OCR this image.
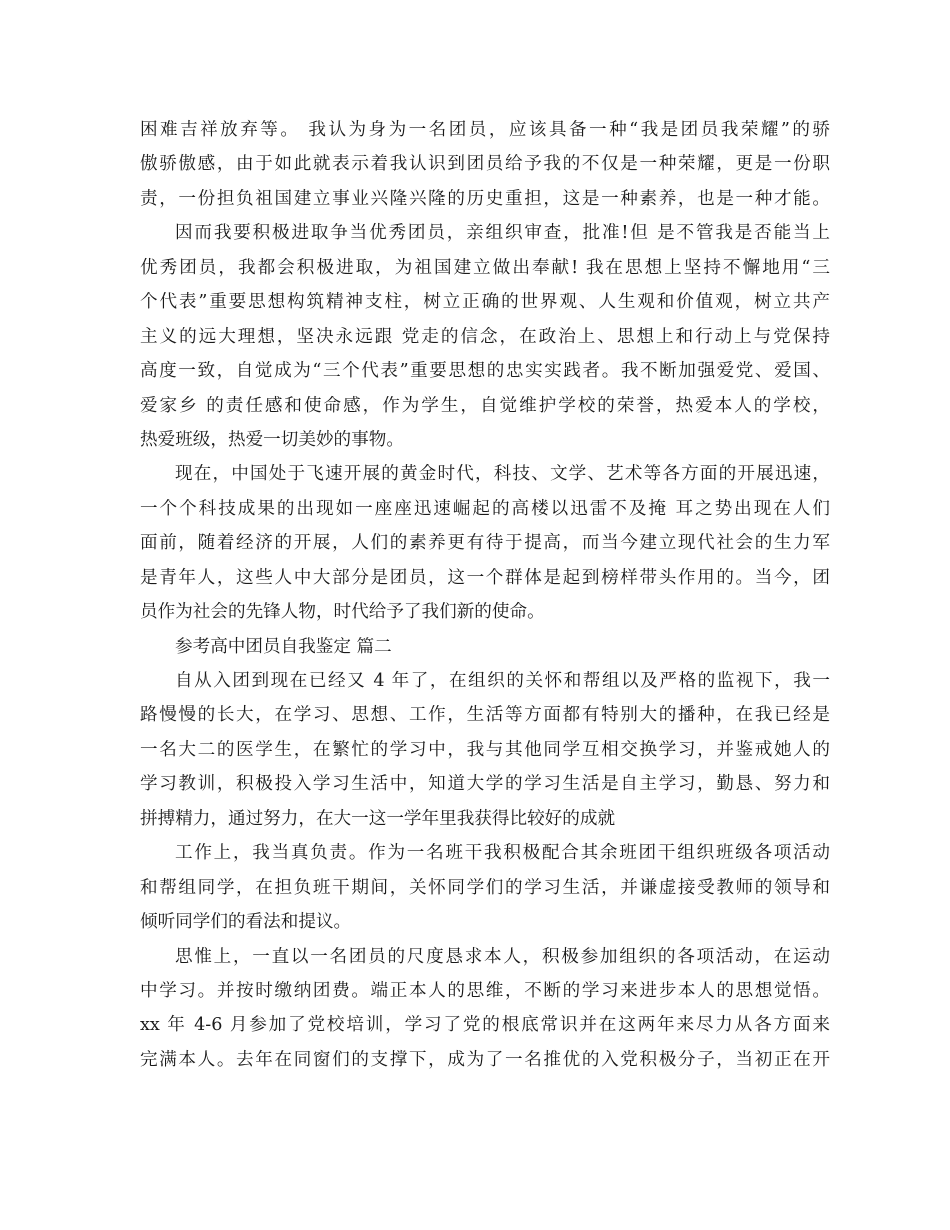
困难吉祥放弃等。 我认为身为一名团员，应该具备一种“我是团员我荣耀”的骄
傲骄傲感，由于如此就表示着我认识到团员给予我的不仅是一种荣耀，更是一份职
责，一份担负祖国建立事业兴隆兴隆的历史重担，这是一种素养，也是一种才能。
因而我要积极进取争当优秀团员，亲组织审查，批准!但 是不管我是否能当上
优秀团员，我都会积极进取，为祖国建立做出奉献! 我在思想上坚持不懈地用“三
个代表”重要思想构筑精神支柱，树立正确的世界观、人生观和价值观，树立共产
主义的远大理想，坚决永远跟 党走的信念，在政治上、思想上和行动上与党保持
高度一致，自觉成为“三个代表”重要思想的忠实实践者。我不断加强爱党、爱国、
爱家乡 的责任感和使命感，作为学生，自觉维护学校的荣誉，热爱本人的学校，
热爱班级，热爱一切美妙的事物。
现在，中国处于飞速开展的黄金时代，科技、文学、艺术等各方面的开展迅速，
一个个科技成果的出现如一座座迅速崛起的高楼以迅雷不及掩 耳之势出现在人们
面前，随着经济的开展，人们的素养更有待于提高，而当今建立现代社会的生力军
是青年人，这些人中大部分是团员，这一个群体是起到榜样带头作用的。当今，团
员作为社会的先锋人物，时代给予了我们新的使命。
参考高中团员自我鉴定 篇二
自从入团到现在已经又 4 年了，在组织的关怀和帮组以及严格的监视下，我一
路慢慢的长大，在学习、思想、工作，生活等方面都有特别大的播种，在我已经是
一名大二的医学生，在繁忙的学习中，我与其他同学互相交换学习，并鉴戒她人的
学习教训，积极投入学习生活中，知道大学的学习生活是自主学习，勤恳、努力和
拼搏精力，通过努力，在大一这一学年里我获得比较好的成就
工作上，我当真负责。作为一名班干我积极配合其余班团干组织班级各项活动
和帮组同学，在担负班干期间，关怀同学们的学习生活，并谦虚接受教师的领导和
倾听同学们的看法和提议。
思惟上，一直以一名团员的尺度恳求本人，积极参加组织的各项活动，在运动
中学习。并按时缴纳团费。端正本人的思维，不断的学习来进步本人的思想觉悟。
xx 年 4-6 月参加了党校培训，学习了党的根底常识并在这两年来尽力从各方面来
完满本人。去年在同窗们的支撑下，成为了一名推优的入党积极分子，当初正在开
